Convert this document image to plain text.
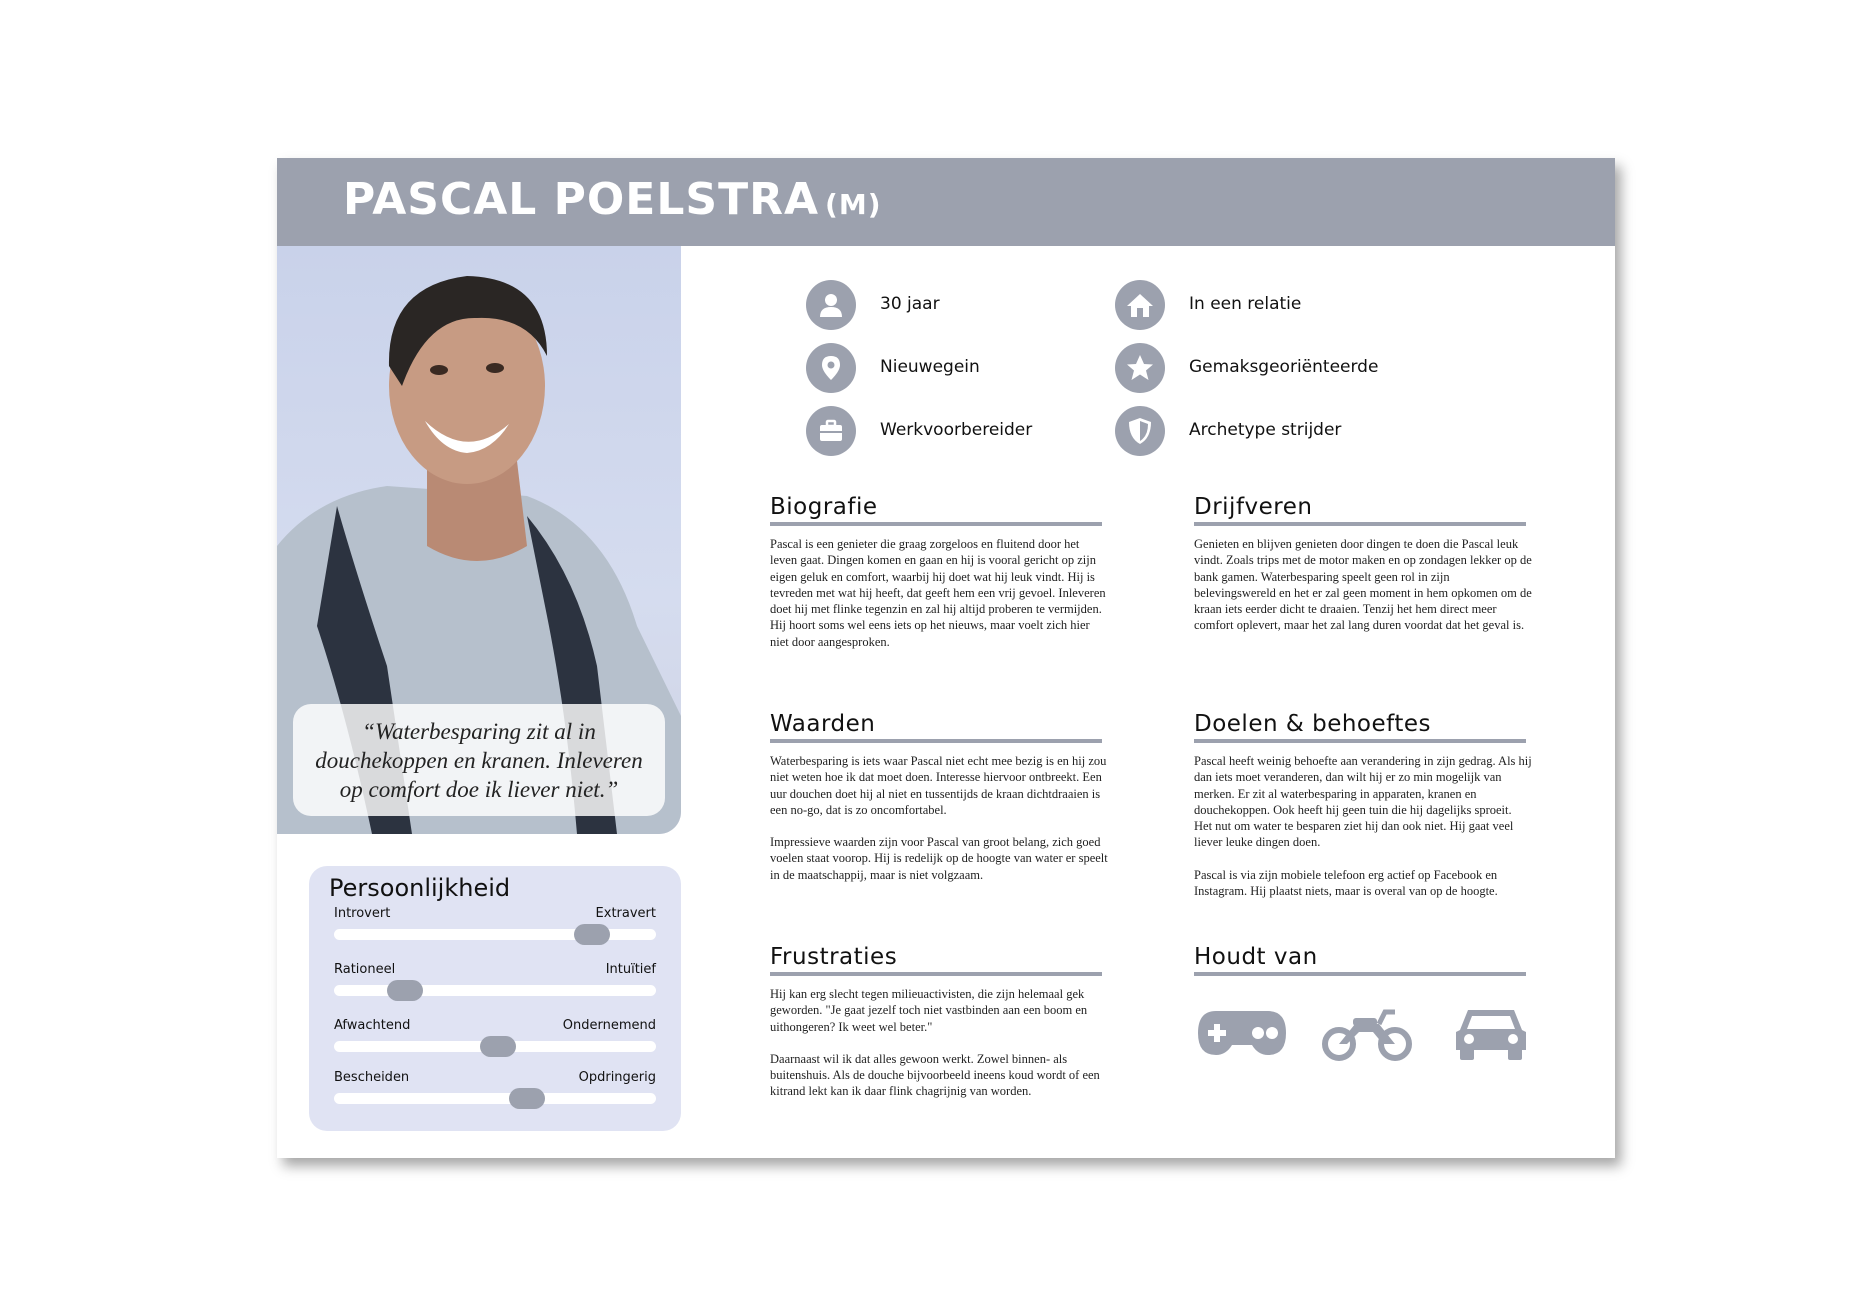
PASCAL POELSTRA (M)
“Waterbesparing zit al in douchekoppen en kranen. Inleveren op comfort doe ik liever niet.”
Persoonlijkheid
Introvert	Extravert
Rationeel	Intuïtief
Afwachtend	Ondernemend
Bescheiden	Opdringerig
30 jaar
Nieuwegein
Werkvoorbereider
In een relatie
Gemaksgeoriënteerde
Archetype strijder
Biografie

Pascal is een genieter die graag zorgeloos en fluitend door het leven gaat. Dingen komen en gaan en hij is vooral gericht op zijn eigen geluk en comfort, waarbij hij doet wat hij leuk vindt. Hij is tevreden met wat hij heeft, dat geeft hem een vrij gevoel. Inleveren doet hij met flinke tegenzin en zal hij altijd proberen te vermijden. Hij hoort soms wel eens iets op het nieuws, maar voelt zich hier niet door aangesproken.

Drijfveren

Genieten en blijven genieten door dingen te doen die Pascal leuk vindt. Zoals trips met de motor maken en op zondagen lekker op de bank gamen. Waterbesparing speelt geen rol in zijn belevingswereld en het er zal geen moment in hem opkomen om de kraan iets eerder dicht te draaien. Tenzij het hem direct meer comfort oplevert, maar het zal lang duren voordat dat het geval is.

Waarden

Waterbesparing is iets waar Pascal niet echt mee bezig is en hij zou niet weten hoe ik dat moet doen. Interesse hiervoor ontbreekt. Een uur douchen doet hij al niet en tussentijds de kraan dichtdraaien is een no-go, dat is zo oncomfortabel.

Impressieve waarden zijn voor Pascal van groot belang, zich goed voelen staat voorop. Hij is redelijk op de hoogte van water er speelt in de maatschappij, maar is niet volgzaam.

Doelen & behoeftes

Pascal heeft weinig behoefte aan verandering in zijn gedrag. Als hij dan iets moet veranderen, dan wilt hij er zo min mogelijk van merken. Er zit al waterbesparing in apparaten, kranen en douchekoppen. Ook heeft hij geen tuin die hij dagelijks sproeit. Het nut om water te besparen ziet hij dan ook niet. Hij gaat veel liever leuke dingen doen.

Pascal is via zijn mobiele telefoon erg actief op Facebook en Instagram. Hij plaatst niets, maar is overal van op de hoogte.

Frustraties

Hij kan erg slecht tegen milieuactivisten, die zijn helemaal gek geworden. "Je gaat jezelf toch niet vastbinden aan een boom en uithongeren? Ik weet wel beter."

Daarnaast wil ik dat alles gewoon werkt. Zowel binnen- als buitenshuis. Als de douche bijvoorbeeld ineens koud wordt of een kitrand lekt kan ik daar flink chagrijnig van worden.

Houdt van
